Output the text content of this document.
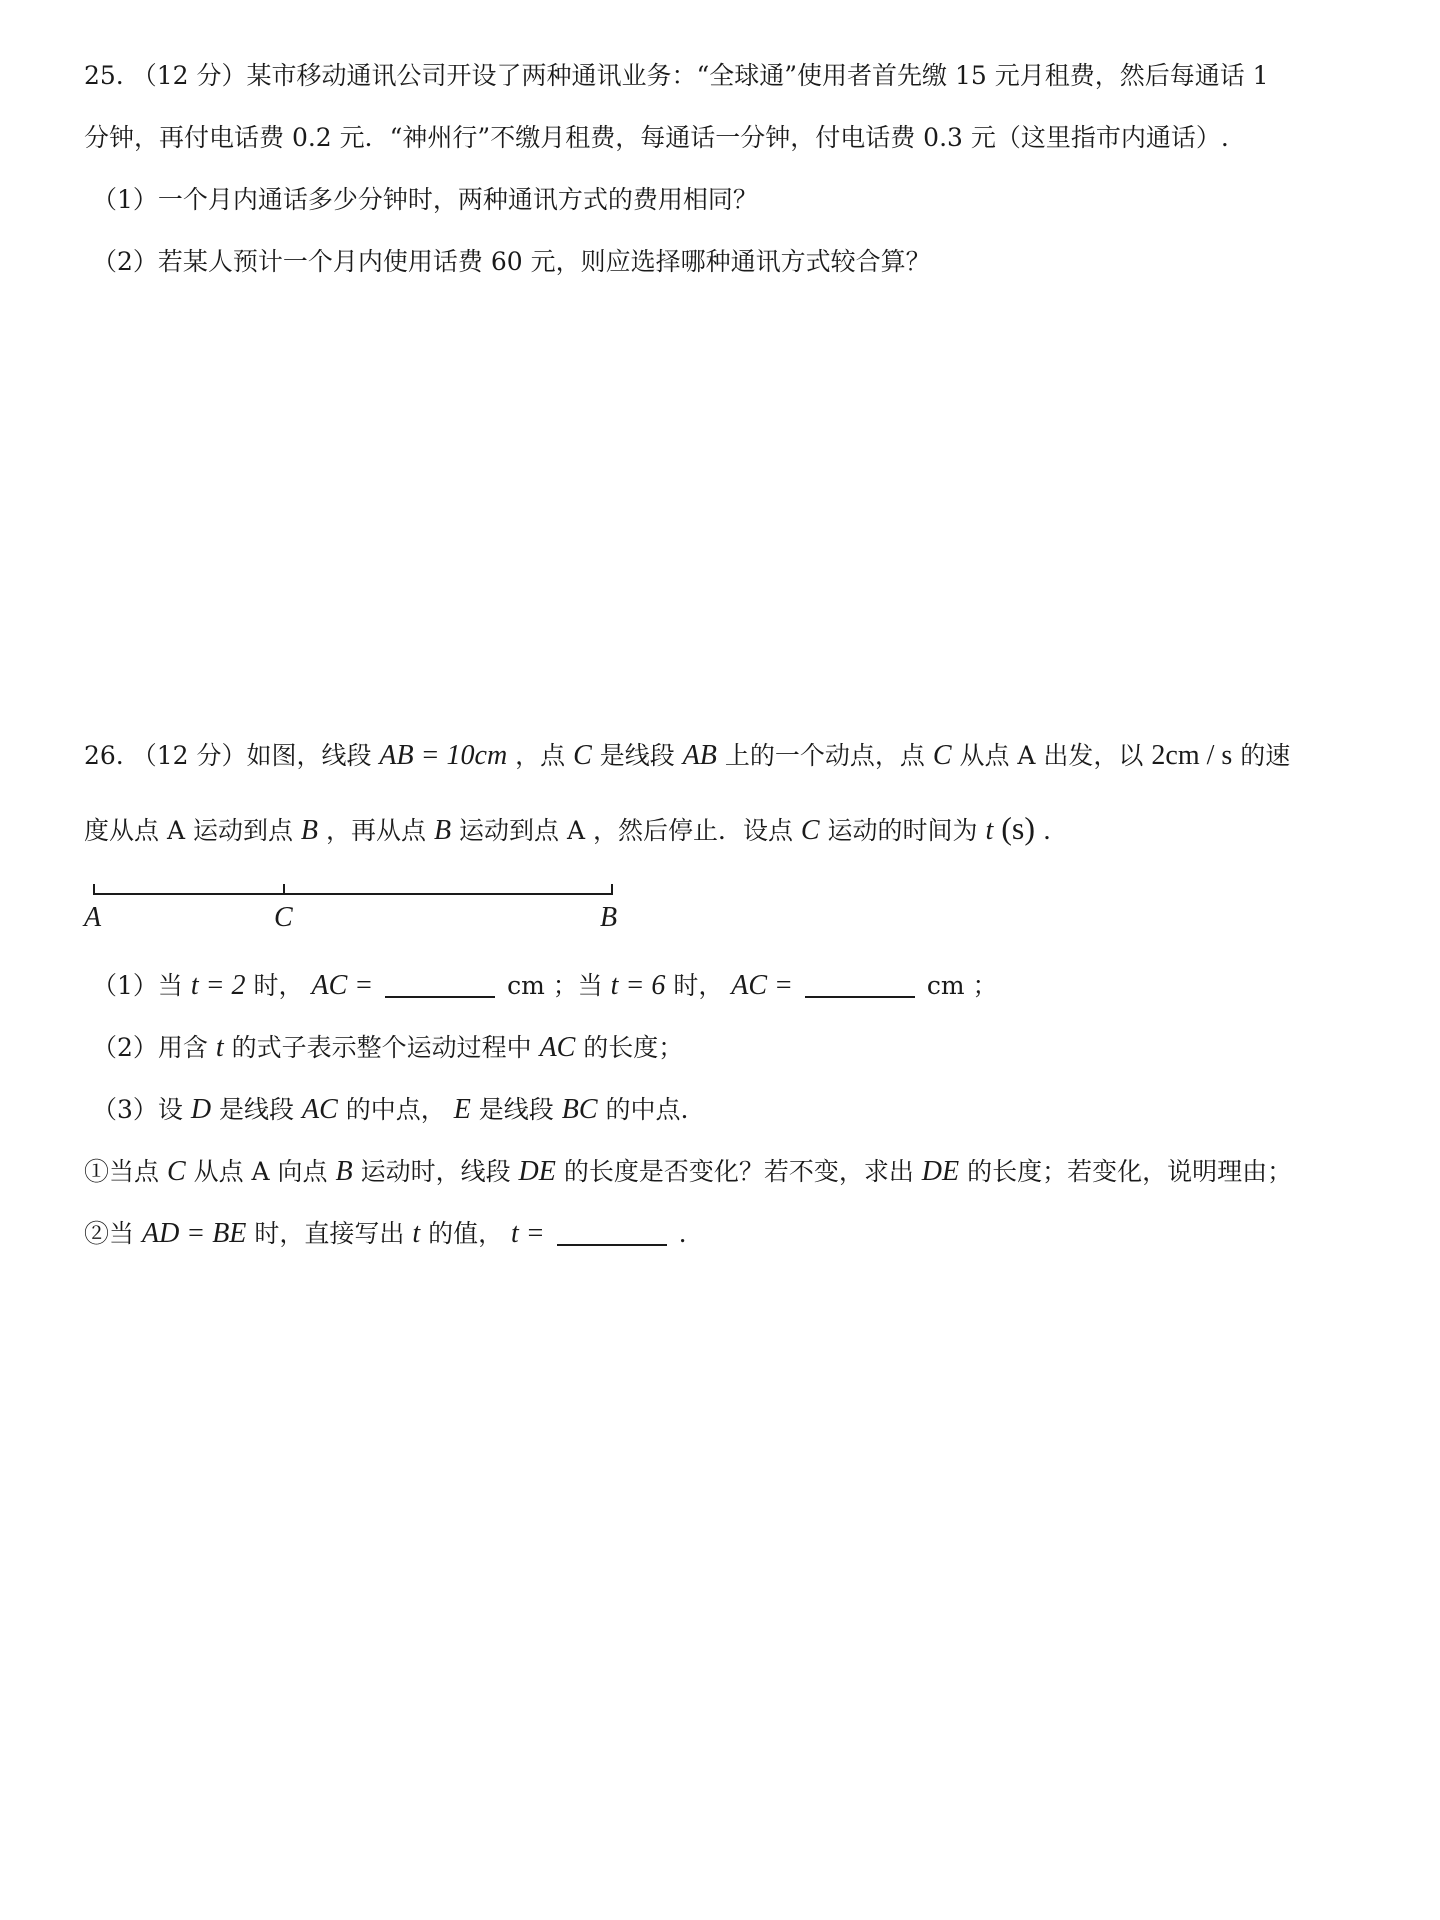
25. （12 分）某市移动通讯公司开设了两种通讯业务：“全球通”使用者首先缴 15 元月租费，然后每通话 1
分钟，再付电话费 0.2 元．“神州行”不缴月租费，每通话一分钟，付电话费 0.3 元（这里指市内通话）.
（1）一个月内通话多少分钟时，两种通讯方式的费用相同？
（2）若某人预计一个月内使用话费 60 元，则应选择哪种通讯方式较合算？
26. （12 分）如图，线段 AB = 10cm ，点 C 是线段 AB 上的一个动点，点 C 从点 A 出发，以 2cm / s 的速
度从点 A 运动到点 B ，再从点 B 运动到点 A ，然后停止．设点 C 运动的时间为 t (s) .
A	C	B
（1）当 t = 2 时， AC =	cm ；当 t = 6 时， AC =	cm ；
（2）用含 t 的式子表示整个运动过程中 AC 的长度；
（3）设 D 是线段 AC 的中点， E 是线段 BC 的中点.
①当点 C 从点 A 向点 B 运动时，线段 DE 的长度是否变化？若不变，求出 DE 的长度；若变化，说明理由；
②当 AD = BE 时，直接写出 t 的值， t =	.
